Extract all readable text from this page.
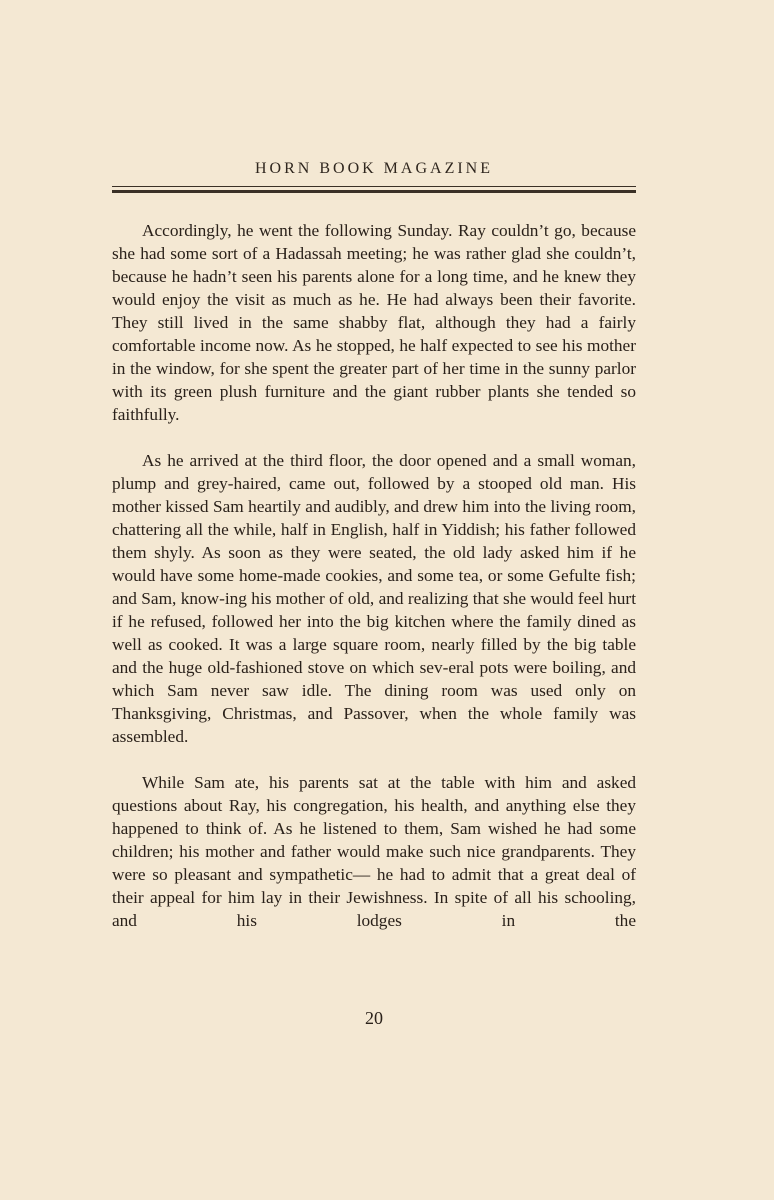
HORN BOOK MAGAZINE

Accordingly, he went the following Sunday. Ray couldn’t go, because she had some sort of a Hadassah meeting; he was rather glad she couldn’t, because he hadn’t seen his parents alone for a long time, and he knew they would enjoy the visit as much as he. He had always been their favorite. They still lived in the same shabby flat, although they had a fairly comfortable income now. As he stopped, he half expected to see his mother in the window, for she spent the greater part of her time in the sunny parlor with its green plush furniture and the giant rubber plants she tended so faithfully.

As he arrived at the third floor, the door opened and a small woman, plump and grey-haired, came out, followed by a stooped old man. His mother kissed Sam heartily and audibly, and drew him into the living room, chattering all the while, half in English, half in Yiddish; his father followed them shyly. As soon as they were seated, the old lady asked him if he would have some home-made cookies, and some tea, or some Gefulte fish; and Sam, know-ing his mother of old, and realizing that she would feel hurt if he refused, followed her into the big kitchen where the family dined as well as cooked. It was a large square room, nearly filled by the big table and the huge old-fashioned stove on which sev-eral pots were boiling, and which Sam never saw idle. The dining room was used only on Thanksgiving, Christmas, and Passover, when the whole family was assembled.

While Sam ate, his parents sat at the table with him and asked questions about Ray, his congregation, his health, and anything else they happened to think of. As he listened to them, Sam wished he had some children; his mother and father would make such nice grandparents. They were so pleasant and sympathetic— he had to admit that a great deal of their appeal for him lay in their Jewishness. In spite of all his schooling, and his lodges in the

20
